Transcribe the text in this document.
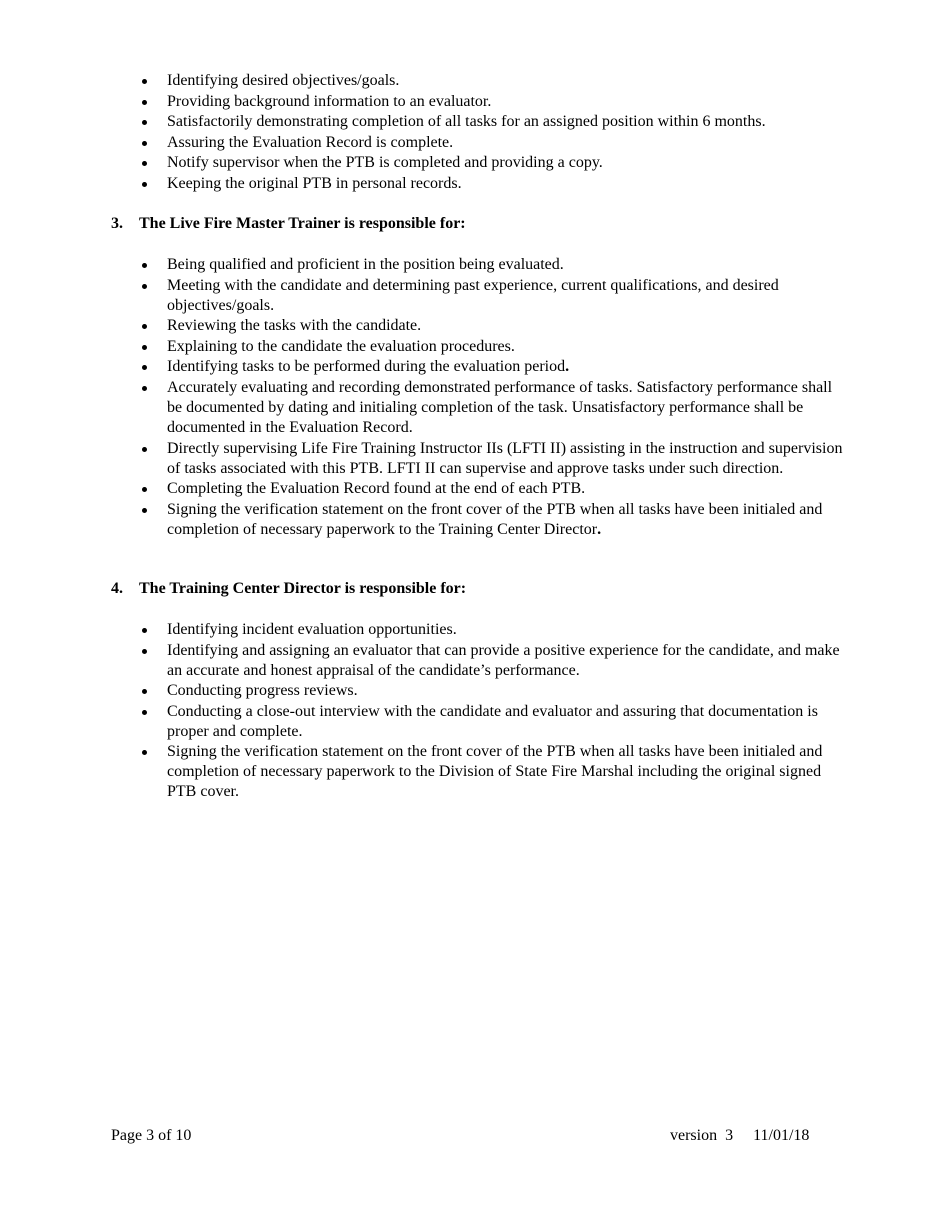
Identifying desired objectives/goals.
Providing background information to an evaluator.
Satisfactorily demonstrating completion of all tasks for an assigned position within 6 months.
Assuring the Evaluation Record is complete.
Notify supervisor when the PTB is completed and providing a copy.
Keeping the original PTB in personal records.
3. The Live Fire Master Trainer is responsible for:
Being qualified and proficient in the position being evaluated.
Meeting with the candidate and determining past experience, current qualifications, and desired objectives/goals.
Reviewing the tasks with the candidate.
Explaining to the candidate the evaluation procedures.
Identifying tasks to be performed during the evaluation period.
Accurately evaluating and recording demonstrated performance of tasks. Satisfactory performance shall be documented by dating and initialing completion of the task. Unsatisfactory performance shall be documented in the Evaluation Record.
Directly supervising Life Fire Training Instructor IIs (LFTI II) assisting in the instruction and supervision of tasks associated with this PTB. LFTI II can supervise and approve tasks under such direction.
Completing the Evaluation Record found at the end of each PTB.
Signing the verification statement on the front cover of the PTB when all tasks have been initialed and completion of necessary paperwork to the Training Center Director.
4. The Training Center Director is responsible for:
Identifying incident evaluation opportunities.
Identifying and assigning an evaluator that can provide a positive experience for the candidate, and make an accurate and honest appraisal of the candidate’s performance.
Conducting progress reviews.
Conducting a close-out interview with the candidate and evaluator and assuring that documentation is proper and complete.
Signing the verification statement on the front cover of the PTB when all tasks have been initialed and completion of necessary paperwork to the Division of State Fire Marshal including the original signed PTB cover.
Page 3 of 10	version  3     11/01/18
